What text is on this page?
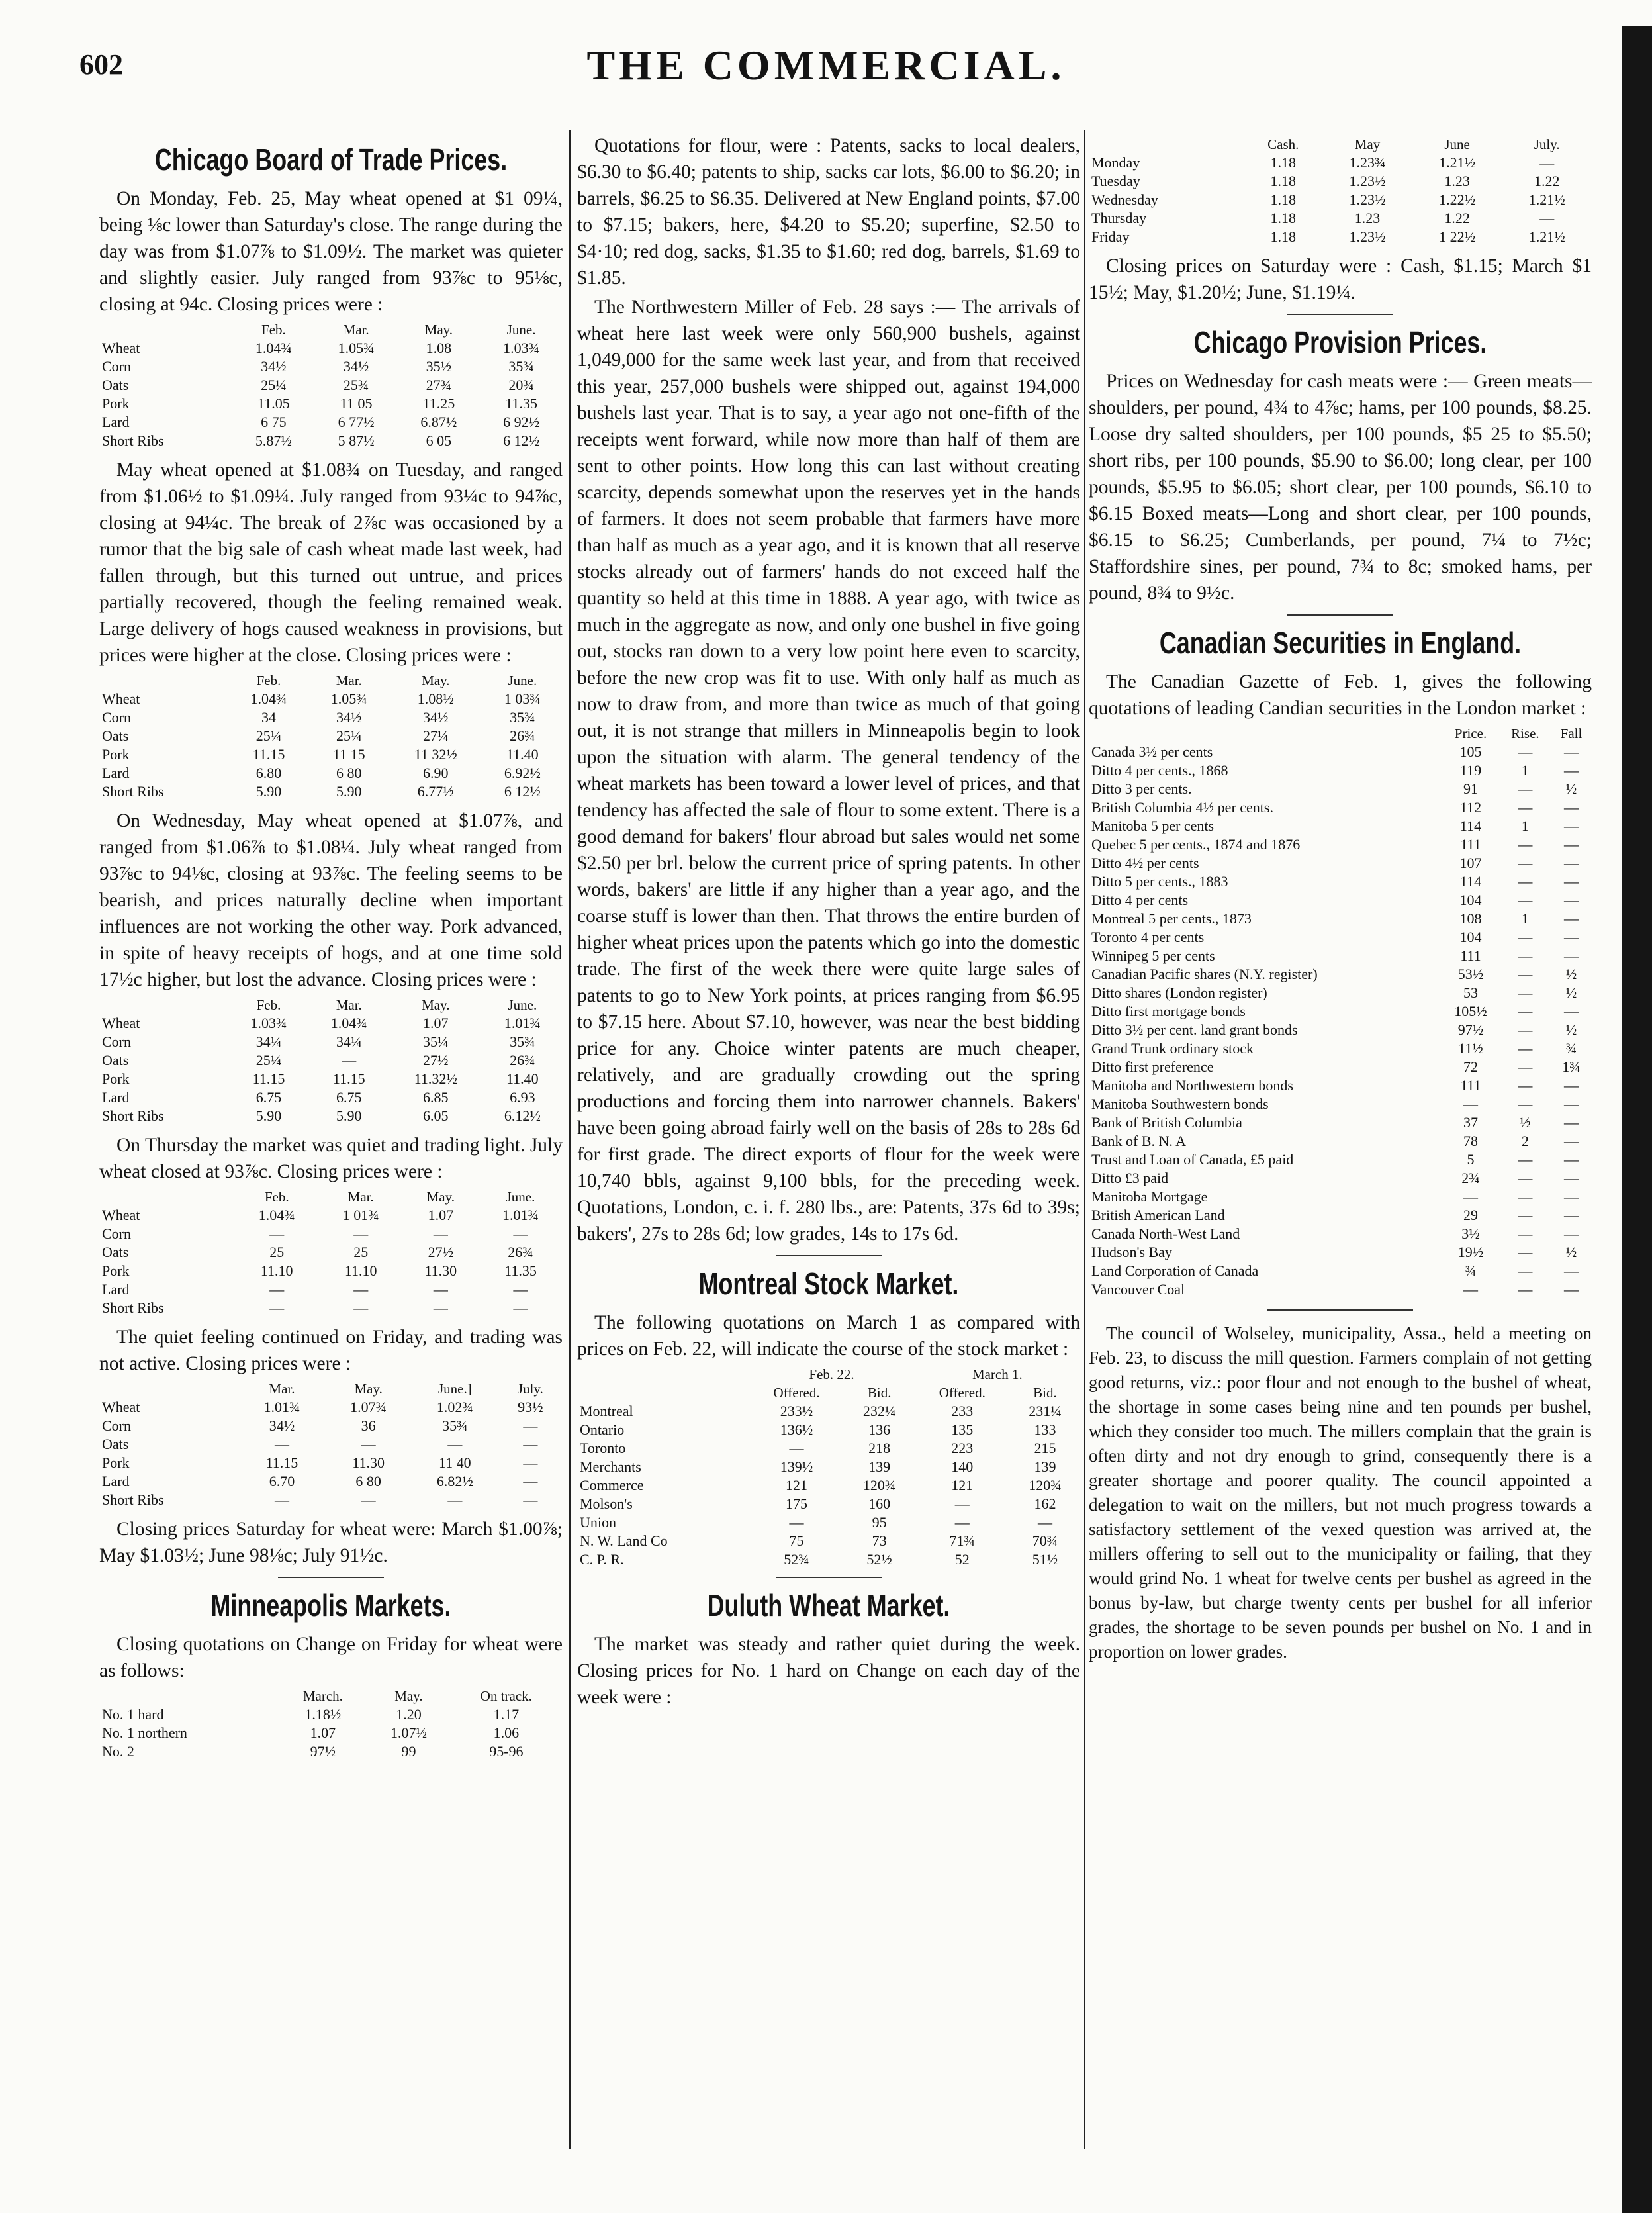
602	THE COMMERCIAL.
Chicago Board of Trade Prices.

On Monday, Feb. 25, May wheat opened at $1 09¼, being ⅛c lower than Saturday's close. The range during the day was from $1.07⅞ to $1.09½. The market was quieter and slightly easier. July ranged from 93⅞c to 95⅛c, closing at 94c. Closing prices were :

	Feb.	Mar.	May.	June.
Wheat	1.04¾	1.05¾	1.08	1.03¾
Corn	34½	34½	35½	35¾
Oats	25¼	25¾	27¾	20¾
Pork	11.05	11 05	11.25	11.35
Lard	6 75	6 77½	6.87½	6 92½
Short Ribs	5.87½	5 87½	6 05	6 12½

May wheat opened at $1.08¾ on Tuesday, and ranged from $1.06½ to $1.09¼. July ranged from 93¼c to 94⅞c, closing at 94¼c. The break of 2⅞c was occasioned by a rumor that the big sale of cash wheat made last week, had fallen through, but this turned out untrue, and prices partially recovered, though the feeling remained weak. Large delivery of hogs caused weakness in provisions, but prices were higher at the close. Closing prices were :

	Feb.	Mar.	May.	June.
Wheat	1.04¾	1.05¾	1.08½	1 03¾
Corn	34	34½	34½	35¾
Oats	25¼	25¼	27¼	26¾
Pork	11.15	11 15	11 32½	11.40
Lard	6.80	6 80	6.90	6.92½
Short Ribs	5.90	5.90	6.77½	6 12½

On Wednesday, May wheat opened at $1.07⅞, and ranged from $1.06⅞ to $1.08¼. July wheat ranged from 93⅞c to 94⅛c, closing at 93⅞c. The feeling seems to be bearish, and prices naturally decline when important influences are not working the other way. Pork advanced, in spite of heavy receipts of hogs, and at one time sold 17½c higher, but lost the advance. Closing prices were :

	Feb.	Mar.	May.	June.
Wheat	1.03¾	1.04¾	1.07	1.01¾
Corn	34¼	34¼	35¼	35¾
Oats	25¼	—	27½	26¾
Pork	11.15	11.15	11.32½	11.40
Lard	6.75	6.75	6.85	6.93
Short Ribs	5.90	5.90	6.05	6.12½

On Thursday the market was quiet and trading light. July wheat closed at 93⅞c. Closing prices were :

	Feb.	Mar.	May.	June.
Wheat	1.04¾	1 01¾	1.07	1.01¾
Corn	—	—	—	—
Oats	25	25	27½	26¾
Pork	11.10	11.10	11.30	11.35
Lard	—	—	—	—
Short Ribs	—	—	—	—

The quiet feeling continued on Friday, and trading was not active. Closing prices were :

	Mar.	May.	June.]	July.
Wheat	1.01¾	1.07¾	1.02¾	93½
Corn	34½	36	35¾	—
Oats	—	—	—	—
Pork	11.15	11.30	11 40	—
Lard	6.70	6 80	6.82½	—
Short Ribs	—	—	—	—

Closing prices Saturday for wheat were: March $1.00⅞; May $1.03½; June 98⅛c; July 91½c.

Minneapolis Markets.

Closing quotations on Change on Friday for wheat were as follows:

	March.	May.	On track.
No. 1 hard	1.18½	1.20	1.17
No. 1 northern	1.07	1.07½	1.06
No. 2	97½	99	95-96

Quotations for flour, were : Patents, sacks to local dealers, $6.30 to $6.40; patents to ship, sacks car lots, $6.00 to $6.20; in barrels, $6.25 to $6.35. Delivered at New England points, $7.00 to $7.15; bakers, here, $4.20 to $5.20; superfine, $2.50 to $4·10; red dog, sacks, $1.35 to $1.60; red dog, barrels, $1.69 to $1.85.

The Northwestern Miller of Feb. 28 says :— The arrivals of wheat here last week were only 560,900 bushels, against 1,049,000 for the same week last year, and from that received this year, 257,000 bushels were shipped out, against 194,000 bushels last year. That is to say, a year ago not one-fifth of the receipts went forward, while now more than half of them are sent to other points. How long this can last without creating scarcity, depends somewhat upon the reserves yet in the hands of farmers. It does not seem probable that farmers have more than half as much as a year ago, and it is known that all reserve stocks already out of farmers' hands do not exceed half the quantity so held at this time in 1888. A year ago, with twice as much in the aggregate as now, and only one bushel in five going out, stocks ran down to a very low point here even to scarcity, before the new crop was fit to use. With only half as much as now to draw from, and more than twice as much of that going out, it is not strange that millers in Minneapolis begin to look upon the situation with alarm. The general tendency of the wheat markets has been toward a lower level of prices, and that tendency has affected the sale of flour to some extent. There is a good demand for bakers' flour abroad but sales would net some $2.50 per brl. below the current price of spring patents. In other words, bakers' are little if any higher than a year ago, and the coarse stuff is lower than then. That throws the entire burden of higher wheat prices upon the patents which go into the domestic trade. The first of the week there were quite large sales of patents to go to New York points, at prices ranging from $6.95 to $7.15 here. About $7.10, however, was near the best bidding price for any. Choice winter patents are much cheaper, relatively, and are gradually crowding out the spring productions and forcing them into narrower channels. Bakers' have been going abroad fairly well on the basis of 28s to 28s 6d for first grade. The direct exports of flour for the week were 10,740 bbls, against 9,100 bbls, for the preceding week. Quotations, London, c. i. f. 280 lbs., are: Patents, 37s 6d to 39s; bakers', 27s to 28s 6d; low grades, 14s to 17s 6d.

Montreal Stock Market.

The following quotations on March 1 as compared with prices on Feb. 22, will indicate the course of the stock market :

	Feb. 22.		March 1.	
	Offered.	Bid.	Offered.	Bid.
Montreal	233½	232¼	233	231¼
Ontario	136½	136	135	133
Toronto	—	218	223	215
Merchants	139½	139	140	139
Commerce	121	120¾	121	120¾
Molson's	175	160	—	162
Union	—	95	—	—
N. W. Land Co	75	73	71¾	70¾
C. P. R.	52¾	52½	52	51½
Duluth Wheat Market.

The market was steady and rather quiet during the week. Closing prices for No. 1 hard on Change on each day of the week were :

	Cash.	May	June	July.
Monday	1.18	1.23¾	1.21½	—
Tuesday	1.18	1.23½	1.23	1.22
Wednesday	1.18	1.23½	1.22½	1.21½
Thursday	1.18	1.23	1.22	—
Friday	1.18	1.23½	1 22½	1.21½

Closing prices on Saturday were : Cash, $1.15; March $1 15½; May, $1.20½; June, $1.19¼.

Chicago Provision Prices.

Prices on Wednesday for cash meats were :— Green meats—shoulders, per pound, 4¾ to 4⅞c; hams, per 100 pounds, $8.25. Loose dry salted shoulders, per 100 pounds, $5 25 to $5.50; short ribs, per 100 pounds, $5.90 to $6.00; long clear, per 100 pounds, $5.95 to $6.05; short clear, per 100 pounds, $6.10 to $6.15 Boxed meats—Long and short clear, per 100 pounds, $6.15 to $6.25; Cumberlands, per pound, 7¼ to 7½c; Staffordshire sines, per pound, 7¾ to 8c; smoked hams, per pound, 8¾ to 9½c.

Canadian Securities in England.

The Canadian Gazette of Feb. 1, gives the following quotations of leading Candian securities in the London market :

	Price.	Rise.	Fall
Canada 3½ per cents	105	—	—
Ditto 4 per cents., 1868	119	1	—
Ditto 3 per cents.	91	—	½
British Columbia 4½ per cents.	112	—	—
Manitoba 5 per cents	114	1	—
Quebec 5 per cents., 1874 and 1876	111	—	—
Ditto 4½ per cents	107	—	—
Ditto 5 per cents., 1883	114	—	—
Ditto 4 per cents	104	—	—
Montreal 5 per cents., 1873	108	1	—
Toronto 4 per cents	104	—	—
Winnipeg 5 per cents	111	—	—
Canadian Pacific shares (N.Y. register)	53½	—	½
Ditto shares (London register)	53	—	½
Ditto first mortgage bonds	105½	—	—
Ditto 3½ per cent. land grant bonds	97½	—	½
Grand Trunk ordinary stock	11½	—	¾
Ditto first preference	72	—	1¾
Manitoba and Northwestern bonds	111	—	—
Manitoba Southwestern bonds	—	—	—
Bank of British Columbia	37	½	—
Bank of B. N. A	78	2	—
Trust and Loan of Canada, £5 paid	5	—	—
Ditto £3 paid	2¾	—	—
Manitoba Mortgage	—	—	—
British American Land	29	—	—
Canada North-West Land	3½	—	—
Hudson's Bay	19½	—	½
Land Corporation of Canada	¾	—	—
Vancouver Coal	—	—	—

The council of Wolseley, municipality, Assa., held a meeting on Feb. 23, to discuss the mill question. Farmers complain of not getting good returns, viz.: poor flour and not enough to the bushel of wheat, the shortage in some cases being nine and ten pounds per bushel, which they consider too much. The millers complain that the grain is often dirty and not dry enough to grind, consequently there is a greater shortage and poorer quality. The council appointed a delegation to wait on the millers, but not much progress towards a satisfactory settlement of the vexed question was arrived at, the millers offering to sell out to the municipality or failing, that they would grind No. 1 wheat for twelve cents per bushel as agreed in the bonus by-law, but charge twenty cents per bushel for all inferior grades, the shortage to be seven pounds per bushel on No. 1 and in proportion on lower grades.
